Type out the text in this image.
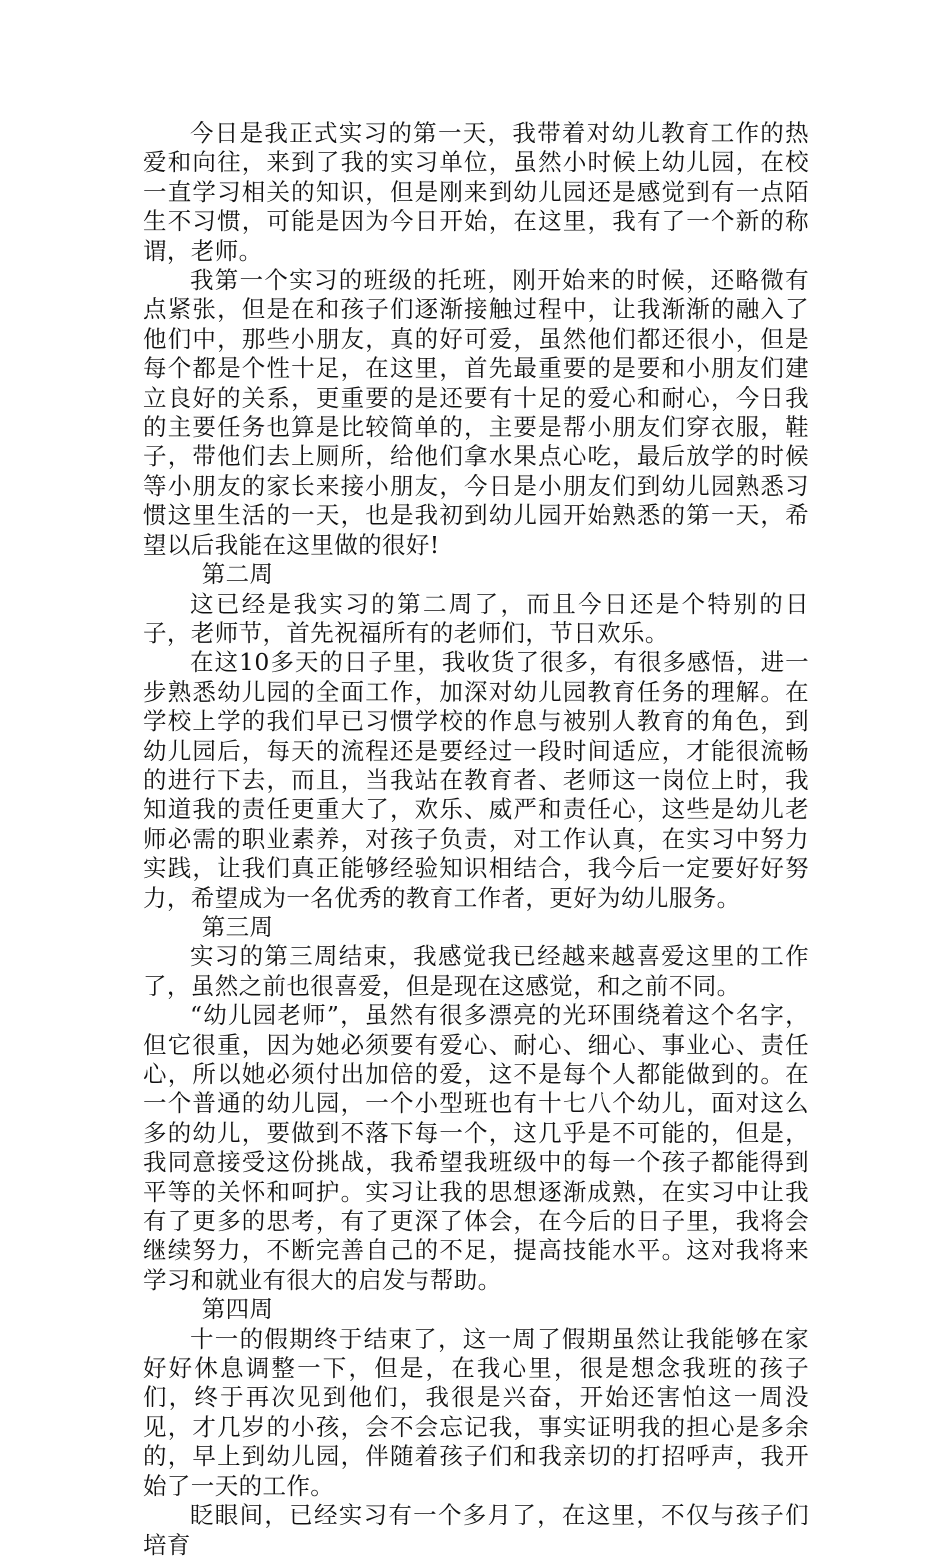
今日是我正式实习的第一天，我带着对幼儿教育工作的热爱和向往，来到了我的实习单位，虽然小时候上幼儿园，在校一直学习相关的知识，但是刚来到幼儿园还是感觉到有一点陌生不习惯，可能是因为今日开始，在这里，我有了一个新的称谓，老师。

我第一个实习的班级的托班，刚开始来的时候，还略微有点紧张，但是在和孩子们逐渐接触过程中，让我渐渐的融入了他们中，那些小朋友，真的好可爱，虽然他们都还很小，但是每个都是个性十足，在这里，首先最重要的是要和小朋友们建立良好的关系，更重要的是还要有十足的爱心和耐心，今日我的主要任务也算是比较简单的，主要是帮小朋友们穿衣服，鞋子，带他们去上厕所，给他们拿水果点心吃，最后放学的时候等小朋友的家长来接小朋友，今日是小朋友们到幼儿园熟悉习惯这里生活的一天，也是我初到幼儿园开始熟悉的第一天，希望以后我能在这里做的很好!

第二周

这已经是我实习的第二周了，而且今日还是个特别的日子，老师节，首先祝福所有的老师们，节日欢乐。

在这10多天的日子里，我收货了很多，有很多感悟，进一步熟悉幼儿园的全面工作，加深对幼儿园教育任务的理解。在学校上学的我们早已习惯学校的作息与被别人教育的角色，到幼儿园后，每天的流程还是要经过一段时间适应，才能很流畅的进行下去，而且，当我站在教育者、老师这一岗位上时，我知道我的责任更重大了，欢乐、威严和责任心，这些是幼儿老师必需的职业素养，对孩子负责，对工作认真，在实习中努力实践，让我们真正能够经验知识相结合，我今后一定要好好努力，希望成为一名优秀的教育工作者，更好为幼儿服务。

第三周

实习的第三周结束，我感觉我已经越来越喜爱这里的工作了，虽然之前也很喜爱，但是现在这感觉，和之前不同。

“幼儿园老师”，虽然有很多漂亮的光环围绕着这个名字，但它很重，因为她必须要有爱心、耐心、细心、事业心、责任心，所以她必须付出加倍的爱，这不是每个人都能做到的。在一个普通的幼儿园，一个小型班也有十七八个幼儿，面对这么多的幼儿，要做到不落下每一个，这几乎是不可能的，但是，我同意接受这份挑战，我希望我班级中的每一个孩子都能得到平等的关怀和呵护。实习让我的思想逐渐成熟，在实习中让我有了更多的思考，有了更深了体会，在今后的日子里，我将会继续努力，不断完善自己的不足，提高技能水平。这对我将来学习和就业有很大的启发与帮助。

第四周

十一的假期终于结束了，这一周了假期虽然让我能够在家好好休息调整一下，但是，在我心里，很是想念我班的孩子们，终于再次见到他们，我很是兴奋，开始还害怕这一周没见，才几岁的小孩，会不会忘记我，事实证明我的担心是多余的，早上到幼儿园，伴随着孩子们和我亲切的打招呼声，我开始了一天的工作。

眨眼间，已经实习有一个多月了，在这里，不仅与孩子们培育
